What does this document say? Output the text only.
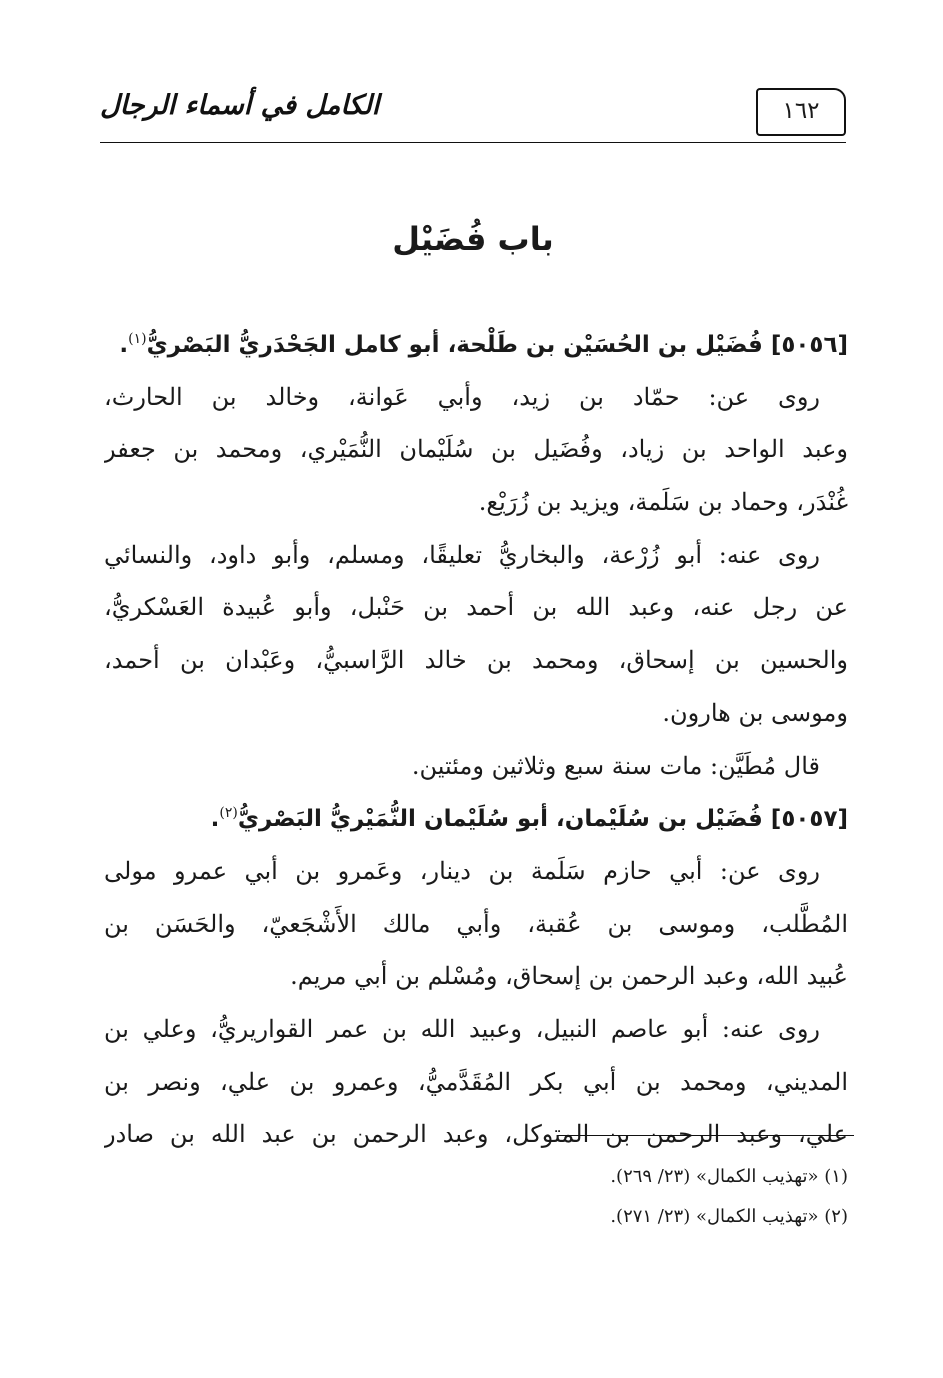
الكامل في أسماء الرجال	١٦٢
باب فُضَيْل
[٥٠٥٦] فُضَيْل بن الحُسَيْن بن طَلْحة، أبو كامل الجَحْدَريُّ البَصْريُّ$^{(١)}$.
روى عن: حمّاد بن زيد، وأبي عَوانة، وخالد بن الحارث،
وعبد الواحد بن زياد، وفُضَيل بن سُلَيْمان النُّمَيْري، ومحمد بن جعفر
غُنْدَر، وحماد بن سَلَمة، ويزيد بن زُرَيْع.
روى عنه: أبو زُرْعة، والبخاريُّ تعليقًا، ومسلم، وأبو داود، والنسائي
عن رجل عنه، وعبد الله بن أحمد بن حَنْبل، وأبو عُبيدة العَسْكريُّ،
والحسين بن إسحاق، ومحمد بن خالد الرَّاسبيُّ، وعَبْدان بن أحمد،
وموسى بن هارون.
قال مُطَيَّن: مات سنة سبع وثلاثين ومئتين.
[٥٠٥٧] فُضَيْل بن سُلَيْمان، أبو سُلَيْمان النُّمَيْريُّ البَصْريُّ$^{(٢)}$.
روى عن: أبي حازم سَلَمة بن دينار، وعَمرو بن أبي عمرو مولى
المُطَّلب، وموسى بن عُقبة، وأبي مالك الأَشْجَعيّ، والحَسَن بن
عُبيد الله، وعبد الرحمن بن إسحاق، ومُسْلم بن أبي مريم.
روى عنه: أبو عاصم النبيل، وعبيد الله بن عمر القواريريُّ، وعلي بن
المديني، ومحمد بن أبي بكر المُقَدَّميُّ، وعمرو بن علي، ونصر بن
علي، وعبد الرحمن بن المتوكل، وعبد الرحمن بن عبد الله بن صادر
(١) «تهذيب الكمال» (٢٣/ ٢٦٩).
(٢) «تهذيب الكمال» (٢٣/ ٢٧١).
